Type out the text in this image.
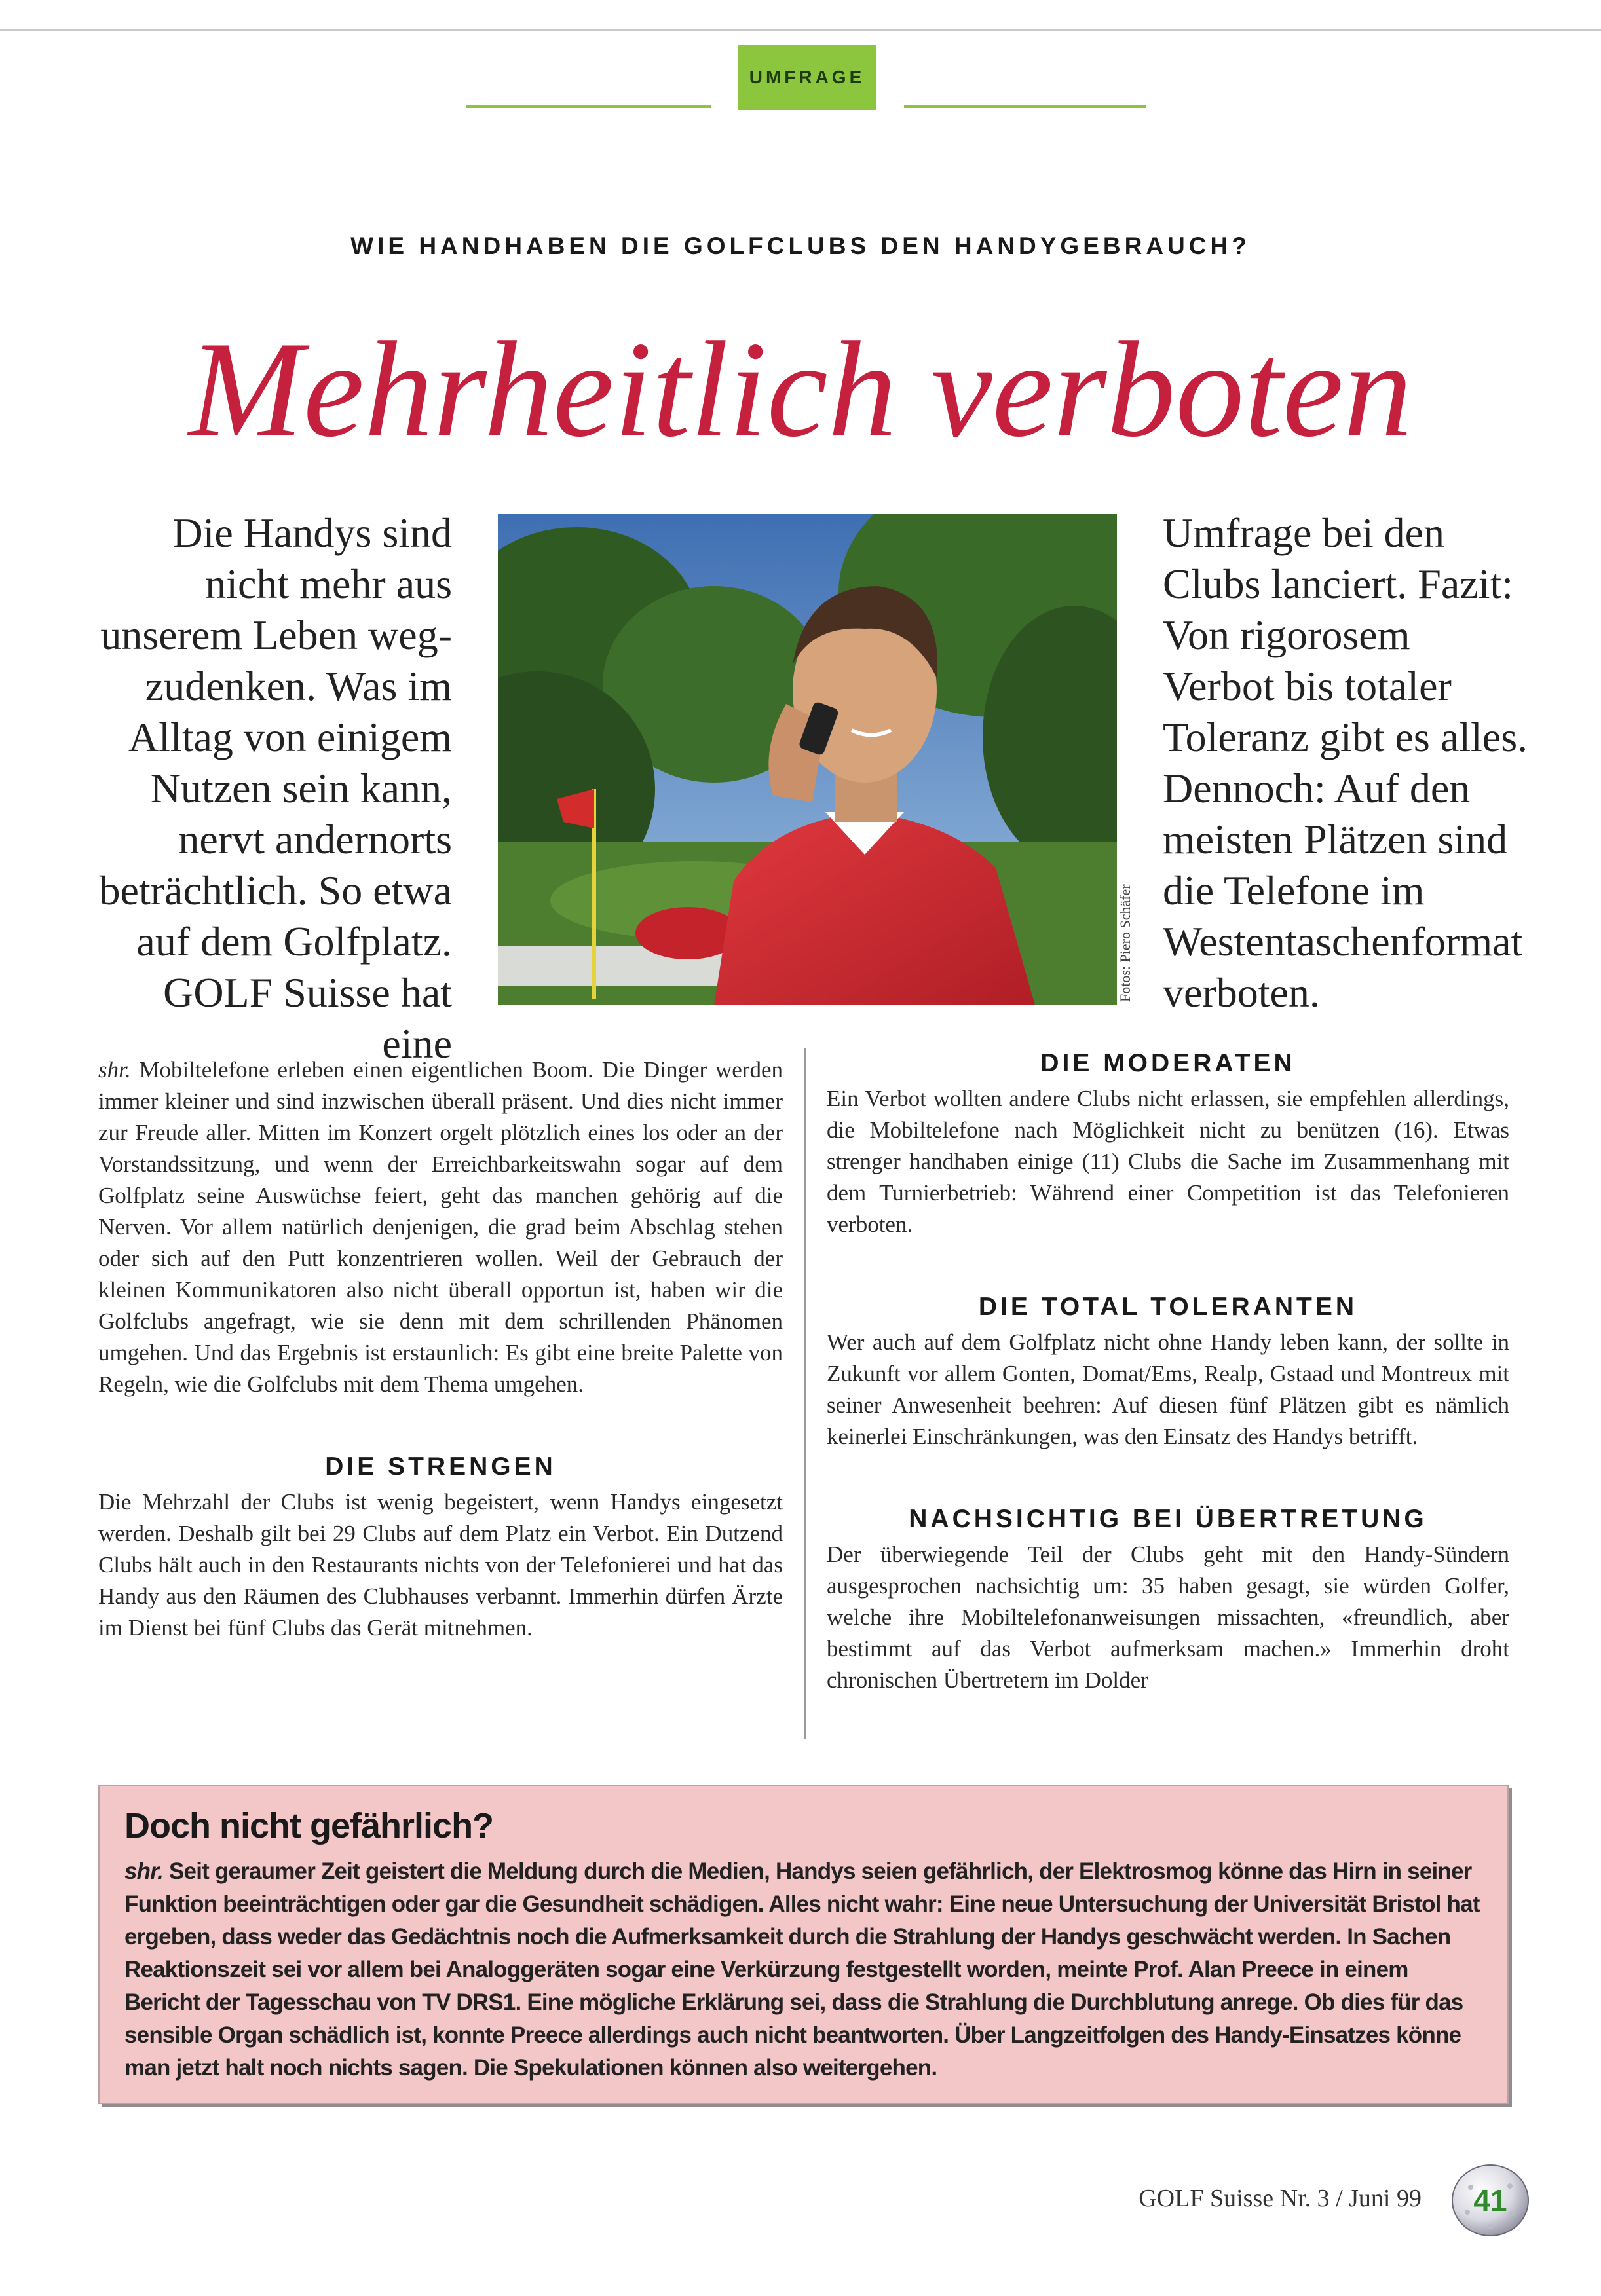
UMFRAGE
WIE HANDHABEN DIE GOLFCLUBS DEN HANDYGEBRAUCH?
Mehrheitlich verboten
Die Handys sind nicht mehr aus unserem Leben wegzudenken. Was im Alltag von einigem Nutzen sein kann, nervt andernorts beträchtlich. So etwa auf dem Golfplatz. GOLF Suisse hat eine
Fotos: Piero Schäfer
Umfrage bei den Clubs lanciert. Fazit: Von rigorosem Verbot bis totaler Toleranz gibt es alles. Dennoch: Auf den meisten Plätzen sind die Telefone im Westentaschenformat verboten.

shr. Mobiltelefone erleben einen eigentlichen Boom. Die Dinger werden immer kleiner und sind inzwischen überall präsent. Und dies nicht immer zur Freude aller. Mitten im Konzert orgelt plötzlich eines los oder an der Vorstandssitzung, und wenn der Erreichbarkeitswahn sogar auf dem Golfplatz seine Auswüchse feiert, geht das manchen gehörig auf die Nerven. Vor allem natürlich denjenigen, die grad beim Abschlag stehen oder sich auf den Putt konzentrieren wollen. Weil der Gebrauch der kleinen Kommunikatoren also nicht überall opportun ist, haben wir die Golfclubs angefragt, wie sie denn mit dem schrillenden Phänomen umgehen. Und das Ergebnis ist erstaunlich: Es gibt eine breite Palette von Regeln, wie die Golfclubs mit dem Thema umgehen.

DIE STRENGEN

Die Mehrzahl der Clubs ist wenig begeistert, wenn Handys eingesetzt werden. Deshalb gilt bei 29 Clubs auf dem Platz ein Verbot. Ein Dutzend Clubs hält auch in den Restaurants nichts von der Telefonierei und hat das Handy aus den Räumen des Clubhauses verbannt. Immerhin dürfen Ärzte im Dienst bei fünf Clubs das Gerät mitnehmen.

DIE MODERATEN

Ein Verbot wollten andere Clubs nicht erlassen, sie empfehlen allerdings, die Mobiltelefone nach Möglichkeit nicht zu benützen (16). Etwas strenger handhaben einige (11) Clubs die Sache im Zusammenhang mit dem Turnierbetrieb: Während einer Competition ist das Telefonieren verboten.

DIE TOTAL TOLERANTEN

Wer auch auf dem Golfplatz nicht ohne Handy leben kann, der sollte in Zukunft vor allem Gonten, Domat/Ems, Realp, Gstaad und Montreux mit seiner Anwesenheit beehren: Auf diesen fünf Plätzen gibt es nämlich keinerlei Einschränkungen, was den Einsatz des Handys betrifft.

NACHSICHTIG BEI ÜBERTRETUNG

Der überwiegende Teil der Clubs geht mit den Handy-Sündern ausgesprochen nachsichtig um: 35 haben gesagt, sie würden Golfer, welche ihre Mobiltelefonanweisungen missachten, «freundlich, aber bestimmt auf das Verbot aufmerksam machen.» Immerhin droht chronischen Übertretern im Dolder

Doch nicht gefährlich?

shr. Seit geraumer Zeit geistert die Meldung durch die Medien, Handys seien gefährlich, der Elektrosmog könne das Hirn in seiner Funktion beeinträchtigen oder gar die Gesundheit schädigen. Alles nicht wahr: Eine neue Untersuchung der Universität Bristol hat ergeben, dass weder das Gedächtnis noch die Aufmerksamkeit durch die Strahlung der Handys geschwächt werden. In Sachen Reaktionszeit sei vor allem bei Analoggeräten sogar eine Verkürzung festgestellt worden, meinte Prof. Alan Preece in einem Bericht der Tagesschau von TV DRS1. Eine mögliche Erklärung sei, dass die Strahlung die Durchblutung anrege. Ob dies für das sensible Organ schädlich ist, konnte Preece allerdings auch nicht beantworten. Über Langzeitfolgen des Handy-Einsatzes könne man jetzt halt noch nichts sagen. Die Spekulationen können also weitergehen.

GOLF Suisse Nr. 3 / Juni 99 41
